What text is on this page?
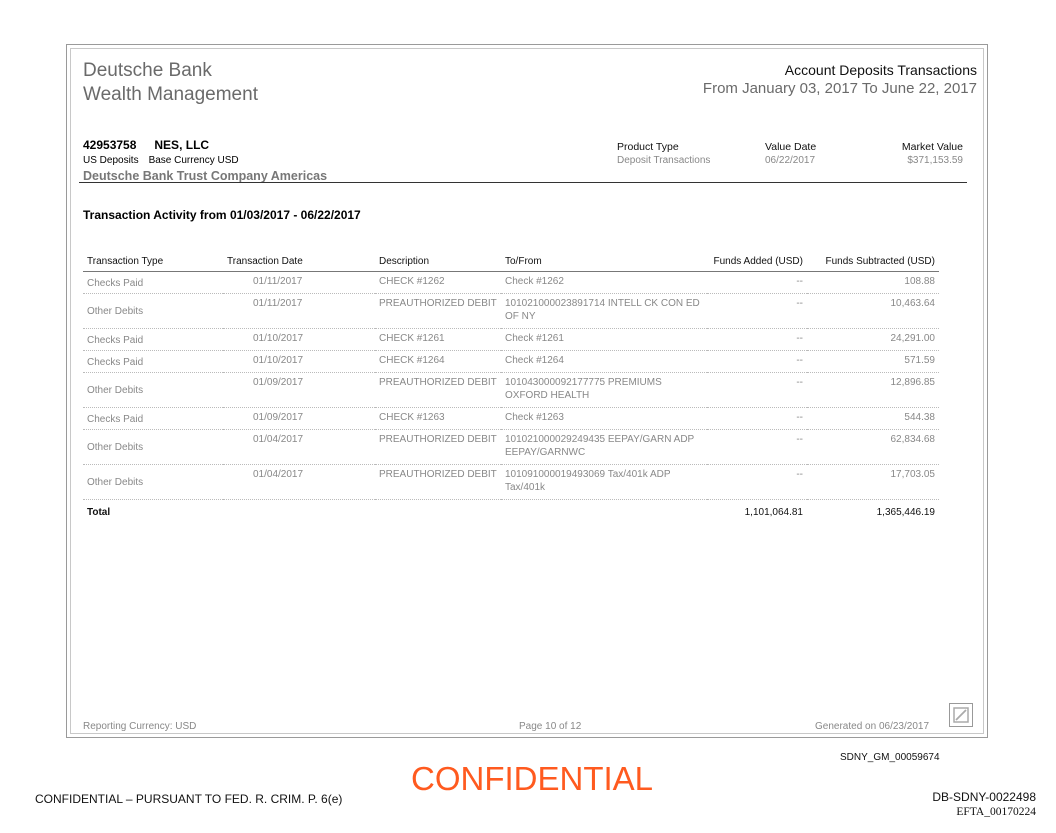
Deutsche Bank
Wealth Management
Account Deposits Transactions
From January 03, 2017 To June 22, 2017
42953758 NES, LLC
US Deposits Base Currency USD
Deutsche Bank Trust Company Americas
Product Type
Deposit Transactions
Value Date
06/22/2017
Market Value
$371,153.59
Transaction Activity from 01/03/2017 - 06/22/2017
Transaction Type	Transaction Date	Description	To/From	Funds Added (USD)	Funds Subtracted (USD)
Checks Paid	01/11/2017	CHECK #1262	Check #1262	--	108.88
Other Debits	01/11/2017	PREAUTHORIZED DEBIT	101021000023891714 INTELL CK CON ED OF NY	--	10,463.64
Checks Paid	01/10/2017	CHECK #1261	Check #1261	--	24,291.00
Checks Paid	01/10/2017	CHECK #1264	Check #1264	--	571.59
Other Debits	01/09/2017	PREAUTHORIZED DEBIT	101043000092177775 PREMIUMS OXFORD HEALTH	--	12,896.85
Checks Paid	01/09/2017	CHECK #1263	Check #1263	--	544.38
Other Debits	01/04/2017	PREAUTHORIZED DEBIT	101021000029249435 EEPAY/GARN ADP EEPAY/GARNWC	--	62,834.68
Other Debits	01/04/2017	PREAUTHORIZED DEBIT	101091000019493069 Tax/401k ADP Tax/401k	--	17,703.05
Total				1,101,064.81	1,365,446.19
Reporting Currency: USD	Page 10 of 12	Generated on 06/23/2017
SDNY_GM_00059674
CONFIDENTIAL
CONFIDENTIAL – PURSUANT TO FED. R. CRIM. P. 6(e)	DB-SDNY-0022498
EFTA_00170224
